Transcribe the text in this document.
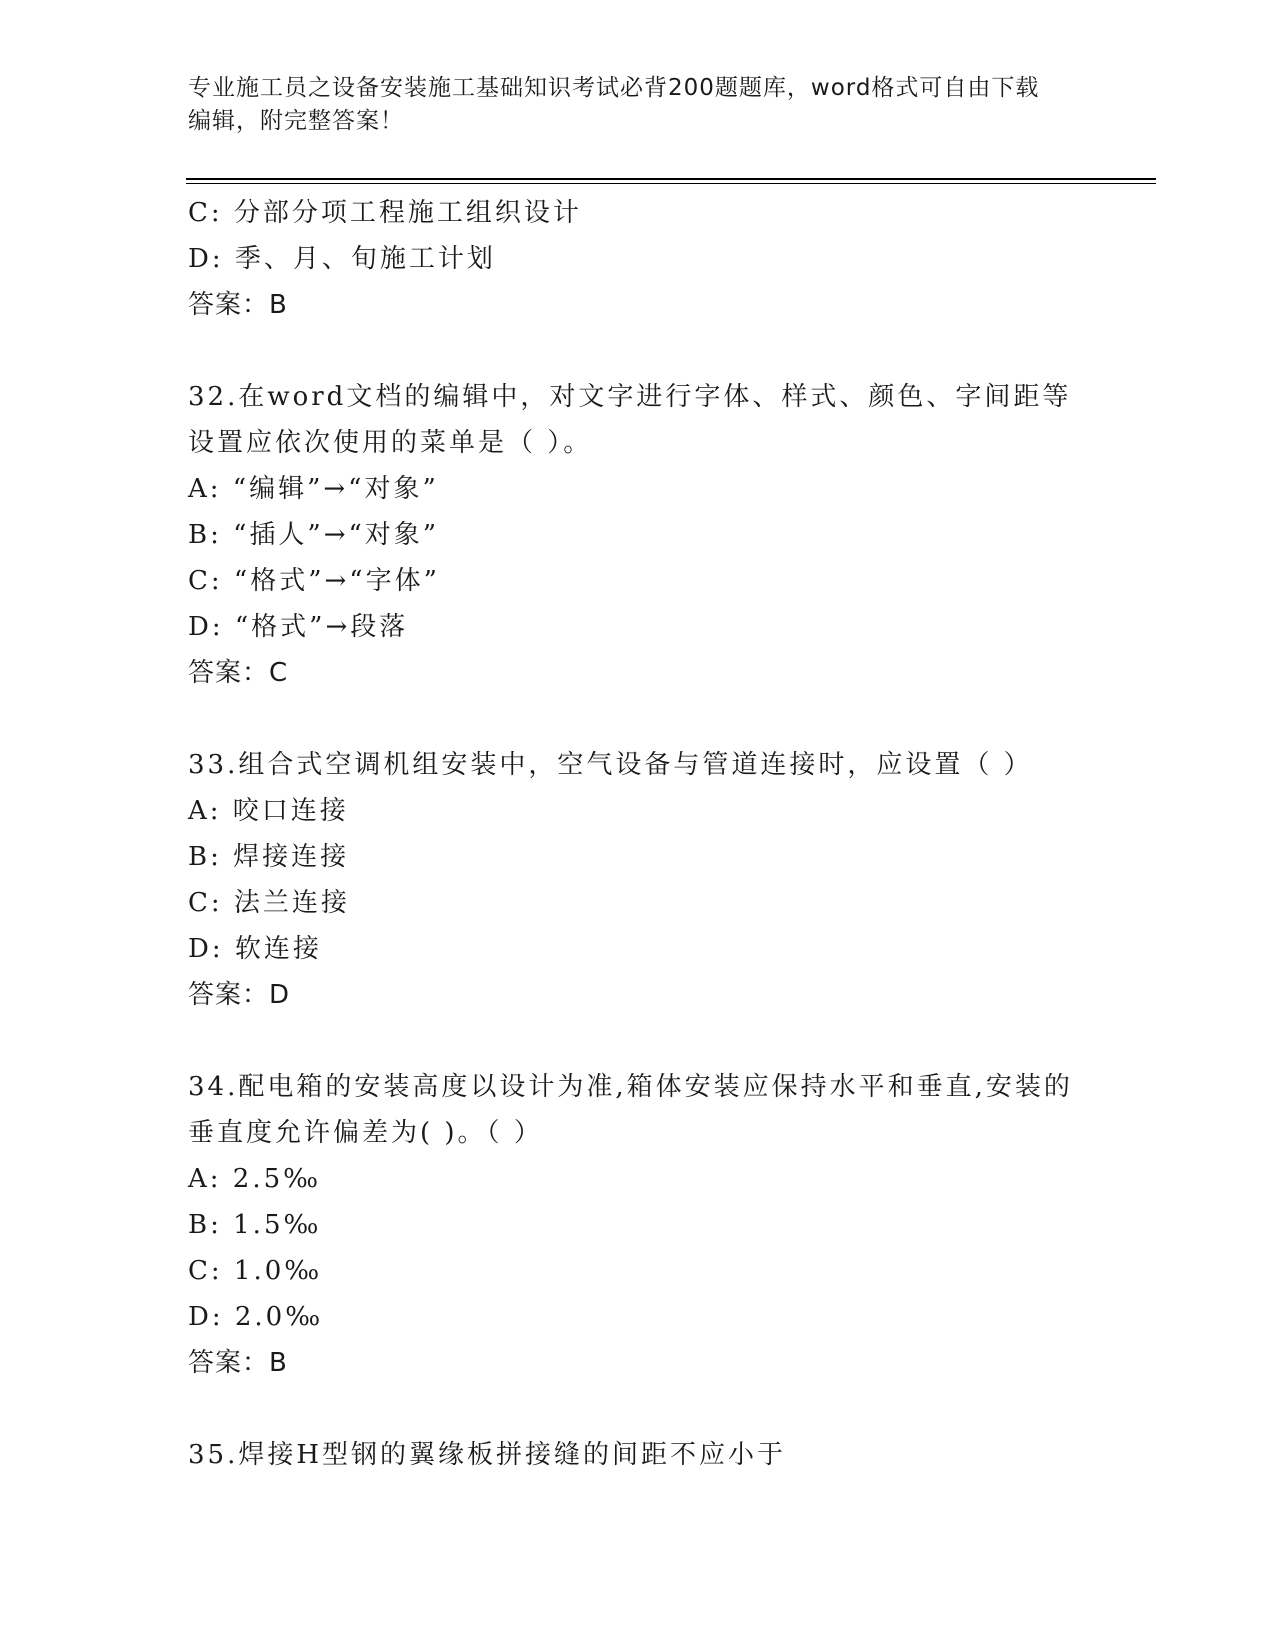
专业施工员之设备安装施工基础知识考试必背200题题库，word格式可自由下载
编辑，附完整答案！
C: 分部分项工程施工组织设计
D: 季、月、旬施工计划
答案：B
32.在word文档的编辑中，对文字进行字体、样式、颜色、字间距等
设置应依次使用的菜单是（ ）。
A: “编辑”→“对象”
B: “插人”→“对象”
C: “格式”→“字体”
D: “格式”→段落
答案：C
33.组合式空调机组安装中，空气设备与管道连接时，应设置（ ）
A: 咬口连接
B: 焊接连接
C: 法兰连接
D: 软连接
答案：D
34.配电箱的安装高度以设计为准,箱体安装应保持水平和垂直,安装的
垂直度允许偏差为( )。（ ）
A: 2.5‰
B: 1.5‰
C: 1.0‰
D: 2.0‰
答案：B
35.焊接H型钢的翼缘板拼接缝的间距不应小于
